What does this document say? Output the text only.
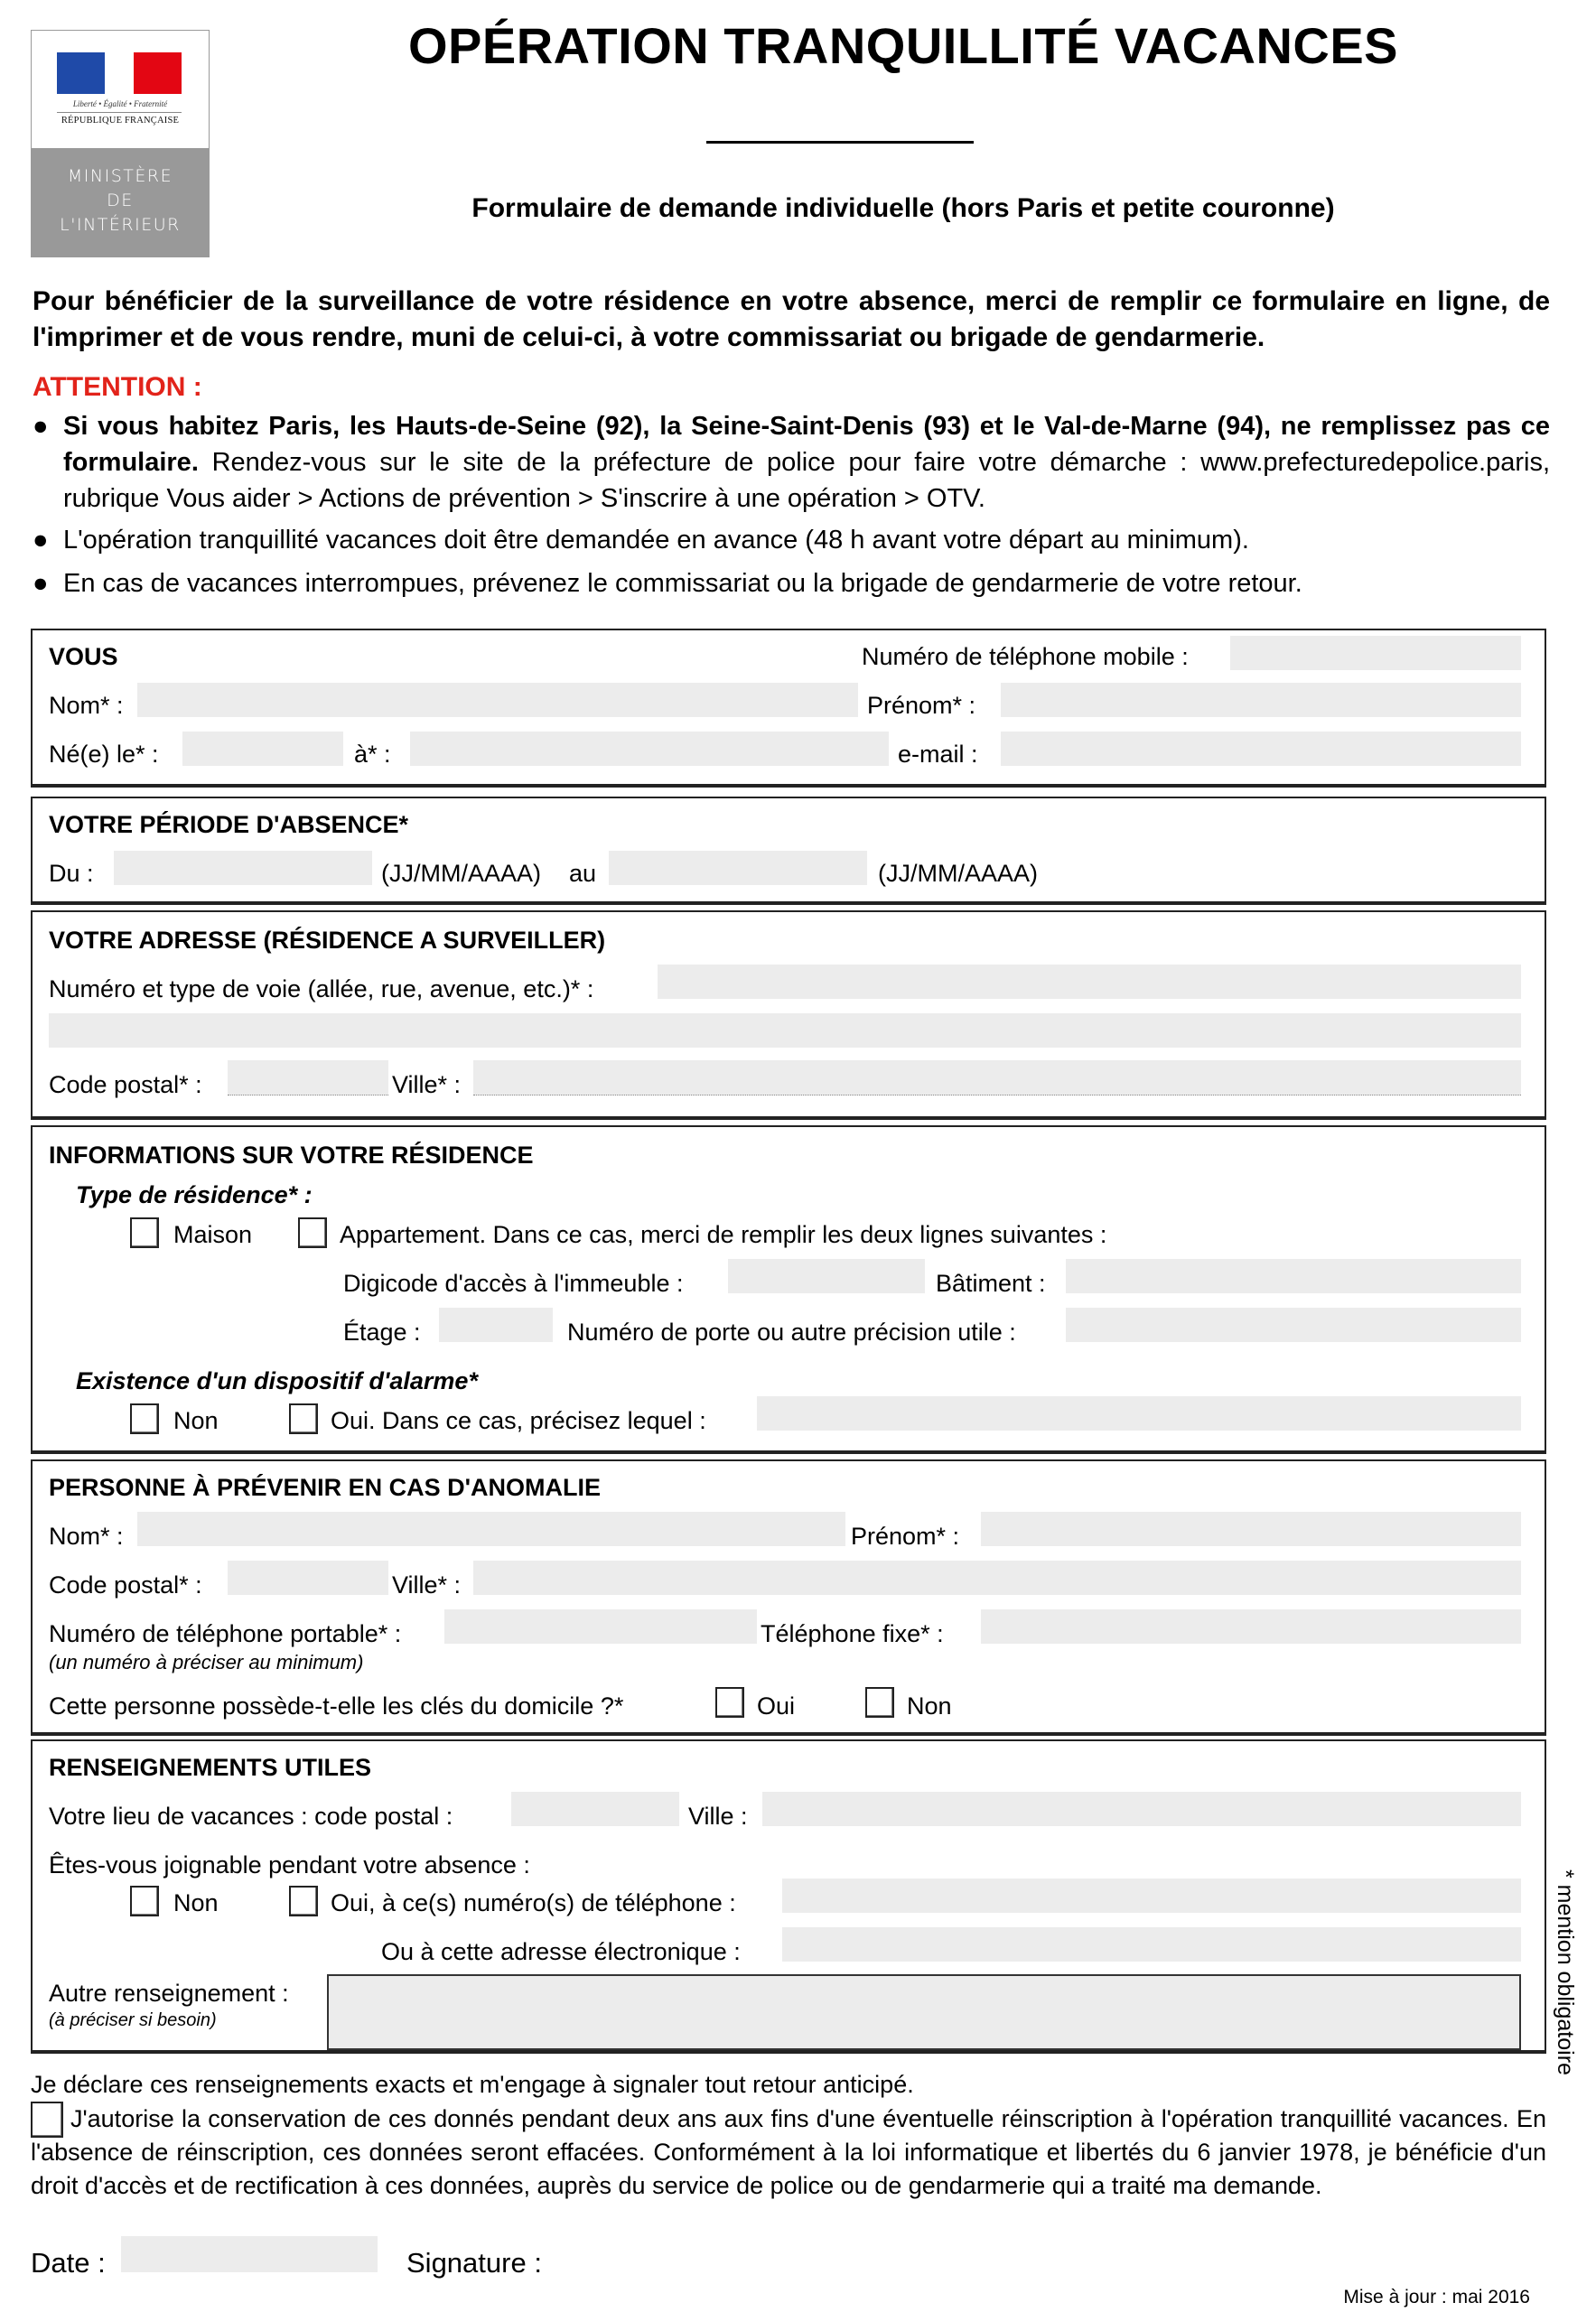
Liberté • Égalité • Fraternité
RÉPUBLIQUE FRANÇAISE
MINISTÈRE
DE
L'INTÉRIEUR
OPÉRATION TRANQUILLITÉ VACANCES
Formulaire de demande individuelle (hors Paris et petite couronne)
Pour bénéficier de la surveillance de votre résidence en votre absence, merci de remplir ce formulaire en ligne, de l'imprimer et de vous rendre, muni de celui-ci, à votre commissariat ou brigade de gendarmerie.
ATTENTION :
● Si vous habitez Paris, les Hauts-de-Seine (92), la Seine-Saint-Denis (93) et le Val-de-Marne (94), ne remplissez pas ce formulaire. Rendez-vous sur le site de la préfecture de police pour faire votre démarche : www.prefecturedepolice.paris, rubrique Vous aider > Actions de prévention > S'inscrire à une opération > OTV.
● L'opération tranquillité vacances doit être demandée en avance (48 h avant votre départ au minimum).
● En cas de vacances interrompues, prévenez le commissariat ou la brigade de gendarmerie de votre retour.
VOUS	Numéro de téléphone mobile :
Nom* :	Prénom* :
Né(e) le* :	à* :	e-mail :
VOTRE PÉRIODE D'ABSENCE*
Du :	(JJ/MM/AAAA) au	(JJ/MM/AAAA)
VOTRE ADRESSE (RÉSIDENCE A SURVEILLER)
Numéro et type de voie (allée, rue, avenue, etc.)* :
Code postal* :	Ville* :
INFORMATIONS SUR VOTRE RÉSIDENCE
Type de résidence* :
Maison	Appartement. Dans ce cas, merci de remplir les deux lignes suivantes :
Digicode d'accès à l'immeuble :	Bâtiment :
Étage :	Numéro de porte ou autre précision utile :
Existence d'un dispositif d'alarme*
Non	Oui. Dans ce cas, précisez lequel :
PERSONNE À PRÉVENIR EN CAS D'ANOMALIE
Nom* :	Prénom* :
Code postal* :	Ville* :
Numéro de téléphone portable* :	Téléphone fixe* :
(un numéro à préciser au minimum)
Cette personne possède-t-elle les clés du domicile ?*	Oui	Non
RENSEIGNEMENTS UTILES
Votre lieu de vacances : code postal :	Ville :
Êtes-vous joignable pendant votre absence :
Non	Oui, à ce(s) numéro(s) de téléphone :
Ou à cette adresse électronique :
Autre renseignement :
(à préciser si besoin)	* mention obligatoire
Je déclare ces renseignements exacts et m'engage à signaler tout retour anticipé.
J'autorise la conservation de ces donnés pendant deux ans aux fins d'une éventuelle réinscription à l'opération tranquillité vacances. En l'absence de réinscription, ces données seront effacées. Conformément à la loi informatique et libertés du 6 janvier 1978, je bénéficie d'un droit d'accès et de rectification à ces données, auprès du service de police ou de gendarmerie qui a traité ma demande.
Date :	Signature :
Mise à jour : mai 2016
